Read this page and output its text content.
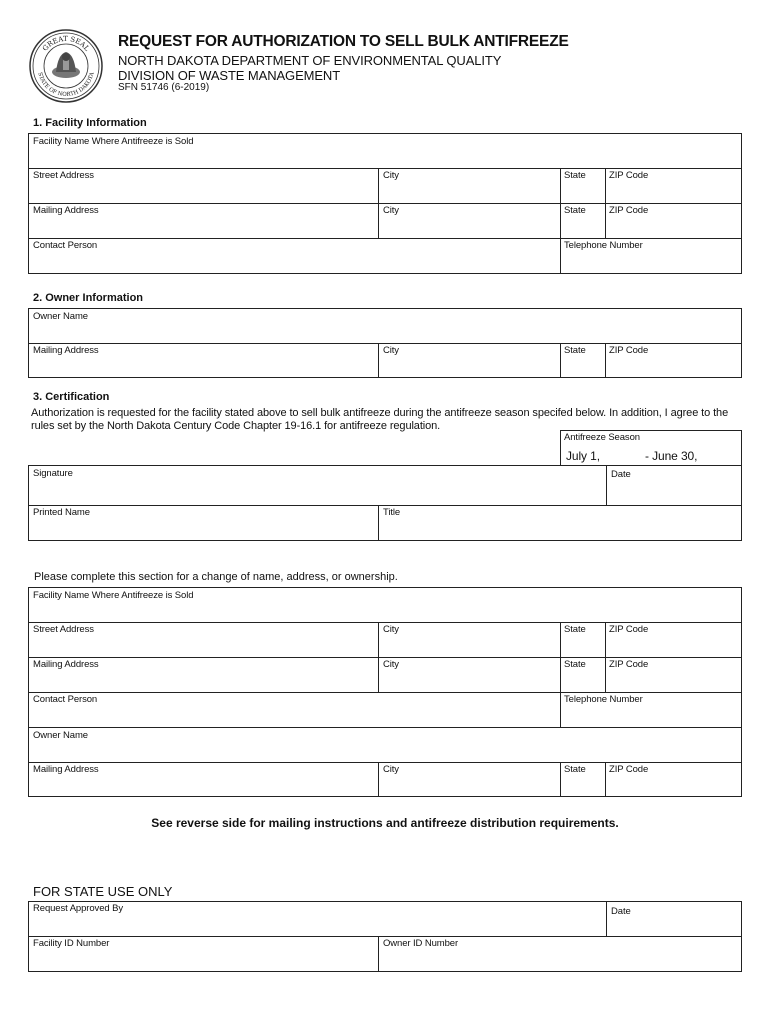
GREAT SEAL
STATE OF NORTH DAKOTA
REQUEST FOR AUTHORIZATION TO SELL BULK ANTIFREEZE
NORTH DAKOTA DEPARTMENT OF ENVIRONMENTAL QUALITY
DIVISION OF WASTE MANAGEMENT
SFN 51746 (6-2019)
1. Facility Information
Facility Name Where Antifreeze is Sold
Street Address	City	State ZIP Code
Mailing Address	City	State ZIP Code
Contact Person	Telephone Number
2. Owner Information
Owner Name
Mailing Address	City	State ZIP Code
3. Certification
Authorization is requested for the facility stated above to sell bulk antifreeze during the antifreeze season specifed below. In addition, I agree to the rules set by the North Dakota Century Code Chapter 19-16.1 for antifreeze regulation.
Antifreeze Season
July 1,	- June 30,
Signature	Date
Printed Name	Title
Please complete this section for a change of name, address, or ownership.
Facility Name Where Antifreeze is Sold
Street Address	City	State ZIP Code
Mailing Address	City	State ZIP Code
Contact Person	Telephone Number
Owner Name
Mailing Address	City	State ZIP Code
See reverse side for mailing instructions and antifreeze distribution requirements.
FOR STATE USE ONLY
Request Approved By	Date
Facility ID Number	Owner ID Number
